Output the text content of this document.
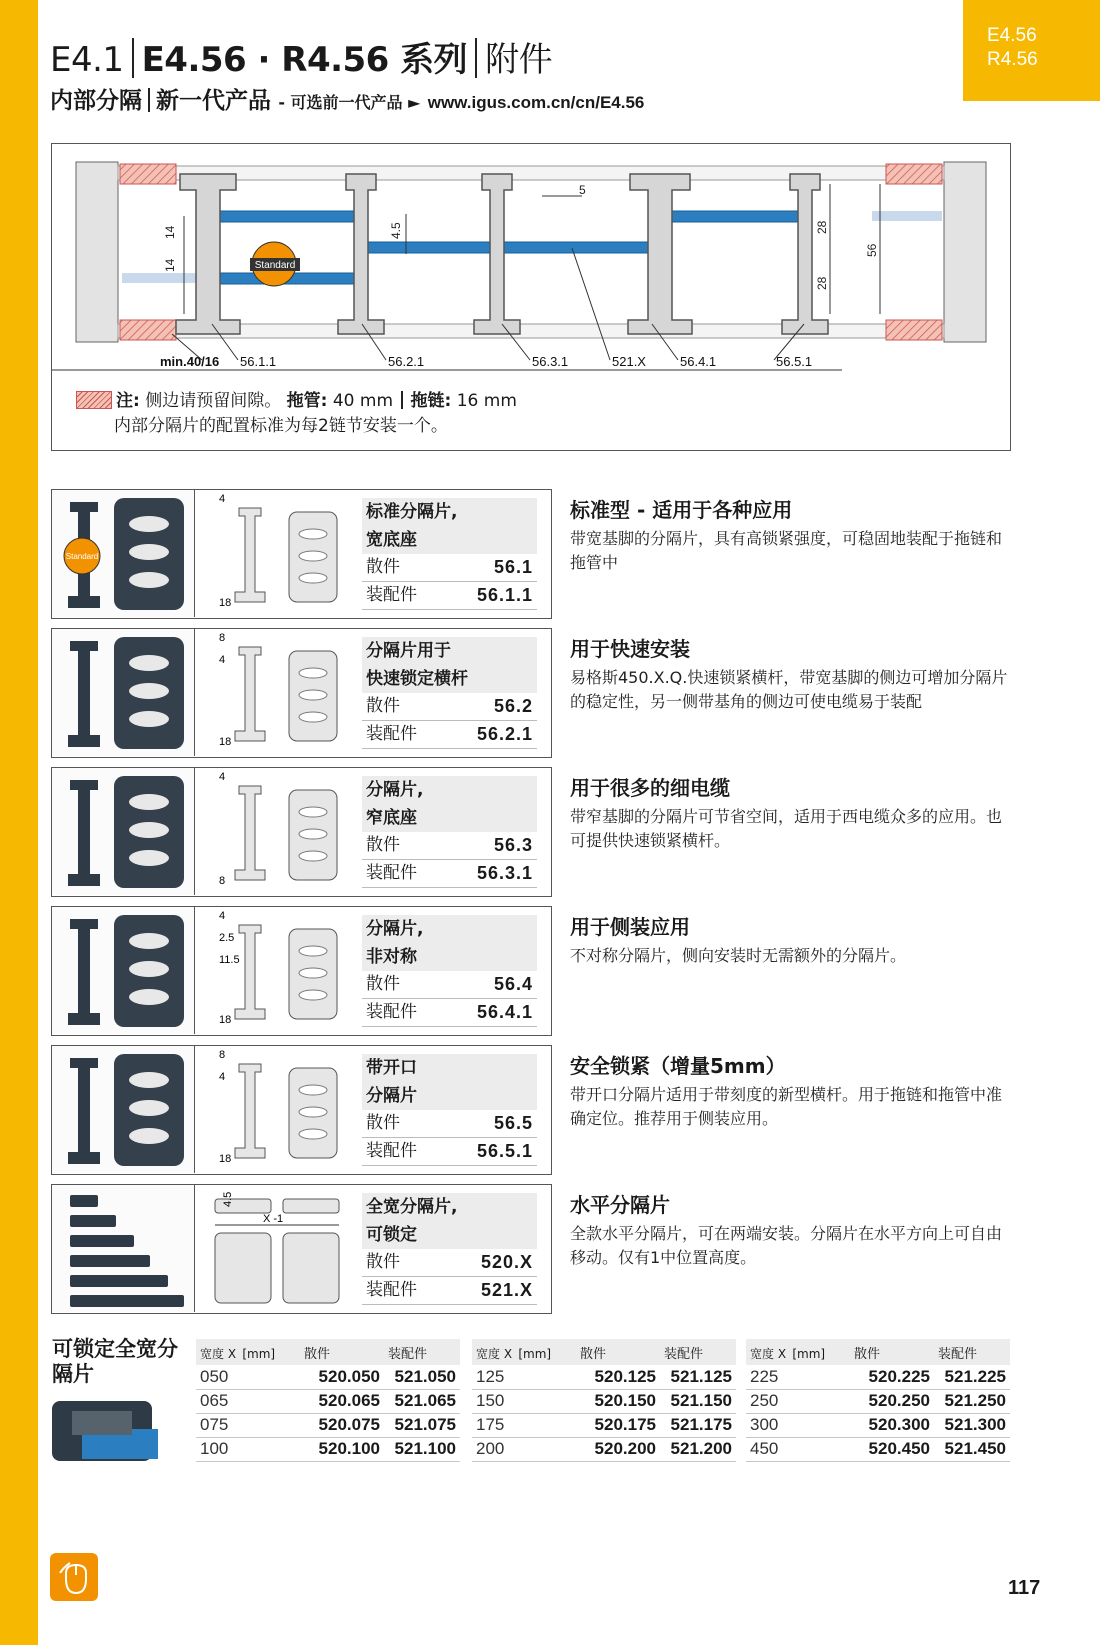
E4.56
R4.56
E4.1 E4.56 · R4.56 系列 附件
内部分隔 新一代产品 - 可选前一代产品 ► www.igus.com.cn/cn/E4.56
Standard
14
14
4.5
5
28
28
56
min.40/16 56.1.1	56.2.1	56.3.1	521.X	56.4.1	56.5.1
注: 侧边请预留间隙。 拖管: 40 mm 拖链: 16 mm
内部分隔片的配置标准为每2链节安装一个。
Standard
4
18
标准分隔片,
宽底座
散件	56.1
装配件	56.1.1
标准型 - 适用于各种应用
带宽基脚的分隔片，具有高锁紧强度，可稳固地装配于拖链和拖管中
8
4
18
分隔片用于
快速锁定横杆
散件	56.2
装配件	56.2.1
用于快速安装
易格斯450.X.Q.快速锁紧横杆，带宽基脚的侧边可增加分隔片的稳定性，另一侧带基角的侧边可使电缆易于装配
4
8
分隔片,
窄底座
散件	56.3
装配件	56.3.1
用于很多的细电缆
带窄基脚的分隔片可节省空间，适用于西电缆众多的应用。也可提供快速锁紧横杆。
4
2.5
11.5
18
分隔片,
非对称
散件	56.4
装配件	56.4.1
用于侧装应用
不对称分隔片，侧向安装时无需额外的分隔片。
8
4
18
带开口
分隔片
散件	56.5
装配件	56.5.1
安全锁紧（增量5mm）
带开口分隔片适用于带刻度的新型横杆。用于拖链和拖管中准确定位。推荐用于侧装应用。
4.5
X -1
全宽分隔片,
可锁定
散件	520.X
装配件	521.X
水平分隔片
全款水平分隔片，可在两端安装。分隔片在水平方向上可自由移动。仅有1中位置高度。
可锁定全宽分隔片
宽度 X [mm]	散件	装配件
050	520.050	521.050
065	520.065	521.065
075	520.075	521.075
100	520.100	521.100
宽度 X [mm]	散件	装配件
125	520.125	521.125
150	520.150	521.150
175	520.175	521.175
200	520.200	521.200
宽度 X [mm]	散件	装配件
225	520.225	521.225
250	520.250	521.250
300	520.300	521.300
450	520.450	521.450
117
